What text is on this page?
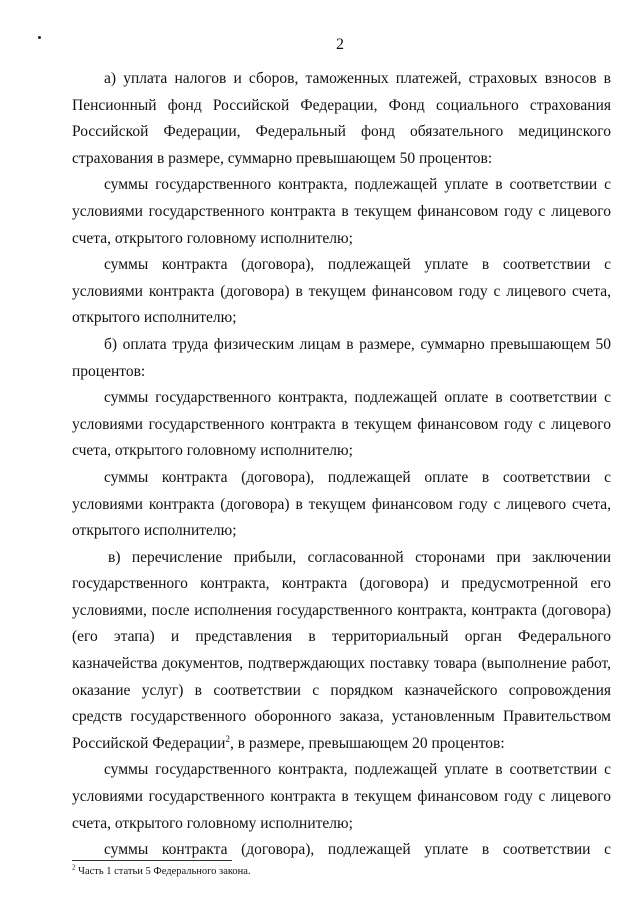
2

а) уплата налогов и сборов, таможенных платежей, страховых взносов в Пенсионный фонд Российской Федерации, Фонд социального страхования Российской Федерации, Федеральный фонд обязательного медицинского страхования в размере, суммарно превышающем 50 процентов:

суммы государственного контракта, подлежащей уплате в соответствии с условиями государственного контракта в текущем финансовом году с лицевого счета, открытого головному исполнителю;

суммы контракта (договора), подлежащей уплате в соответствии с условиями контракта (договора) в текущем финансовом году с лицевого счета, открытого исполнителю;

б) оплата труда физическим лицам в размере, суммарно превышающем 50 процентов:

суммы государственного контракта, подлежащей оплате в соответствии с условиями государственного контракта в текущем финансовом году с лицевого счета, открытого головному исполнителю;

суммы контракта (договора), подлежащей оплате в соответствии с условиями контракта (договора) в текущем финансовом году с лицевого счета, открытого исполнителю;

в) перечисление прибыли, согласованной сторонами при заключении государственного контракта, контракта (договора) и предусмотренной его условиями, после исполнения государственного контракта, контракта (договора) (его этапа) и представления в территориальный орган Федерального казначейства документов, подтверждающих поставку товара (выполнение работ, оказание услуг) в соответствии с порядком казначейского сопровождения средств государственного оборонного заказа, установленным Правительством Российской Федерации$^2$, в размере, превышающем 20 процентов:

суммы государственного контракта, подлежащей уплате в соответствии с условиями государственного контракта в текущем финансовом году с лицевого счета, открытого головному исполнителю;

суммы контракта (договора), подлежащей уплате в соответствии с

$^2$ Часть 1 статьи 5 Федерального закона.
